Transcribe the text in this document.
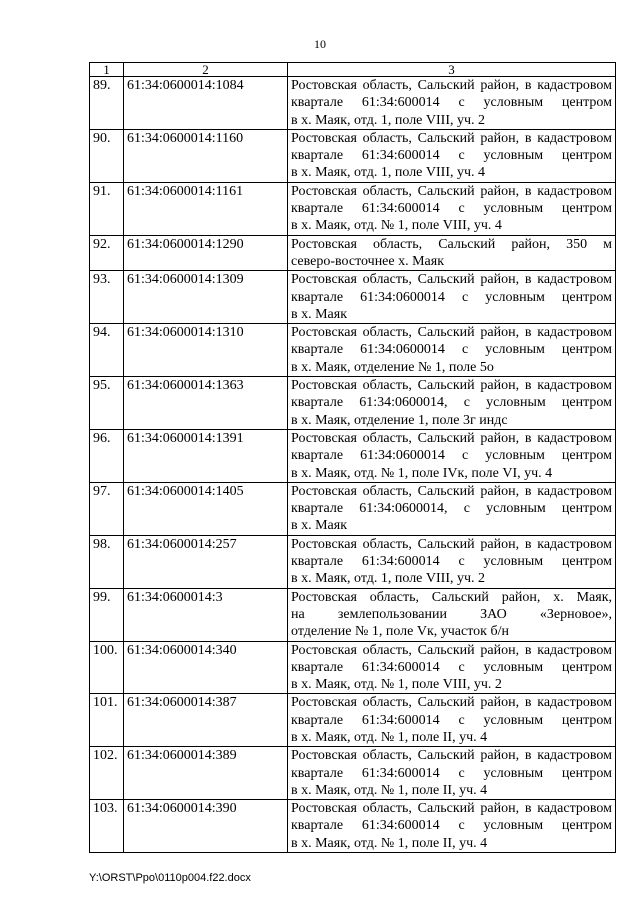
10
1	2	3
89.	61:34:0600014:1084	Ростовская область, Сальский район, в кадастровом
квартале 61:34:600014 с условным центром
в х. Маяк, отд. 1, поле VIII, уч. 2

90.	61:34:0600014:1160	Ростовская область, Сальский район, в кадастровом
квартале 61:34:600014 с условным центром
в х. Маяк, отд. 1, поле VIII, уч. 4

91.	61:34:0600014:1161	Ростовская область, Сальский район, в кадастровом
квартале 61:34:600014 с условным центром
в х. Маяк, отд. № 1, поле VIII, уч. 4

92.	61:34:0600014:1290	Ростовская область, Сальский район, 350 м
северо-восточнее х. Маяк

93.	61:34:0600014:1309	Ростовская область, Сальский район, в кадастровом
квартале 61:34:0600014 с условным центром
в х. Маяк

94.	61:34:0600014:1310	Ростовская область, Сальский район, в кадастровом
квартале 61:34:0600014 с условным центром
в х. Маяк, отделение № 1, поле 5о

95.	61:34:0600014:1363	Ростовская область, Сальский район, в кадастровом
квартале 61:34:0600014, с условным центром
в х. Маяк, отделение 1, поле 3г индс

96.	61:34:0600014:1391	Ростовская область, Сальский район, в кадастровом
квартале 61:34:0600014 с условным центром
в х. Маяк, отд. № 1, поле IVк, поле VI, уч. 4

97.	61:34:0600014:1405	Ростовская область, Сальский район, в кадастровом
квартале 61:34:0600014, с условным центром
в х. Маяк

98.	61:34:0600014:257	Ростовская область, Сальский район, в кадастровом
квартале 61:34:600014 с условным центром
в х. Маяк, отд. 1, поле VIII, уч. 2

99.	61:34:0600014:3	Ростовская область, Сальский район, х. Маяк,
на землепользовании ЗАО «Зерновое»,
отделение № 1, поле Vк, участок б/н

100.	61:34:0600014:340	Ростовская область, Сальский район, в кадастровом
квартале 61:34:600014 с условным центром
в х. Маяк, отд. № 1, поле VIII, уч. 2

101.	61:34:0600014:387	Ростовская область, Сальский район, в кадастровом
квартале 61:34:600014 с условным центром
в х. Маяк, отд. № 1, поле II, уч. 4

102.	61:34:0600014:389	Ростовская область, Сальский район, в кадастровом
квартале 61:34:600014 с условным центром
в х. Маяк, отд. № 1, поле II, уч. 4

103.	61:34:0600014:390	Ростовская область, Сальский район, в кадастровом
квартале 61:34:600014 с условным центром
в х. Маяк, отд. № 1, поле II, уч. 4
Y:\ORST\Ppo\0110p004.f22.docx
